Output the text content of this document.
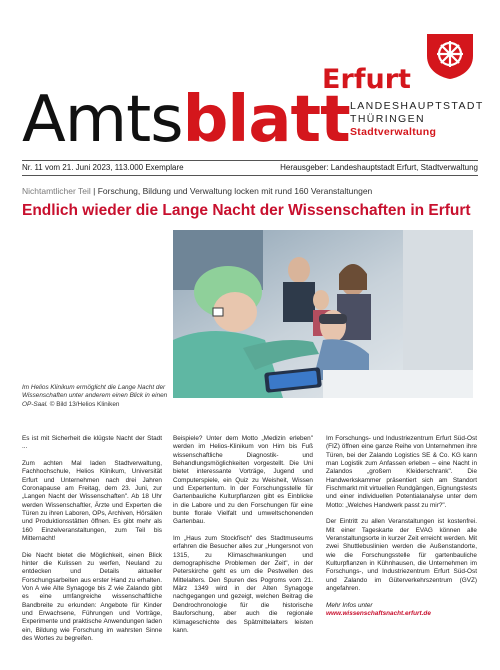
Amtsblatt
Erfurt
LANDESHAUPTSTADT
THÜRINGEN
Stadtverwaltung
Nr. 11 vom 21. Juni 2023, 113.000 Exemplare	Herausgeber: Landeshauptstadt Erfurt, Stadtverwaltung
Nichtamtlicher Teil | Forschung, Bildung und Verwaltung locken mit rund 160 Veranstaltungen
Endlich wieder die Lange Nacht der Wissenschaften in Erfurt
Im Helios Klinikum ermöglicht die Lange Nacht der Wissenschaften unter anderem einen Blick in einen OP-Saal. © Bild 13/Helios Kliniken

Es ist mit Sicherheit die klügste Nacht der Stadt ...

Zum achten Mal laden Stadtverwaltung, Fachhochschule, Helios Klinikum, Universität Erfurt und Unternehmen nach drei Jahren Coronapause am Freitag, dem 23. Juni, zur „Langen Nacht der Wissenschaften". Ab 18 Uhr werden Wissenschaftler, Ärzte und Experten die Türen zu ihren Laboren, OPs, Archiven, Hörsälen und Produktionsstätten öffnen. Es gibt mehr als 160 Einzelveranstaltungen, zum Teil bis Mitternacht!

Die Nacht bietet die Möglichkeit, einen Blick hinter die Kulissen zu werfen, Neuland zu entdecken und Details aktueller Forschungsarbeiten aus erster Hand zu erhalten. Von A wie Alte Synagoge bis Z wie Zalando gibt es eine umfangreiche wissenschaftliche Bandbreite zu erkunden: Angebote für Kinder und Erwachsene, Führungen und Vorträge, Experimente und praktische Anwendungen laden ein, Bildung wie Forschung im wahrsten Sinne des Wortes zu begreifen.

Beispiele? Unter dem Motto „Medizin erleben" werden im Helios-Klinikum von Hirn bis Fuß wissenschaftliche Diagnostik- und Behandlungsmöglichkeiten vorgestellt. Die Uni bietet interessante Vorträge, Jugend und Computerspiele, ein Quiz zu Weisheit, Wissen und Expertentum. In der Forschungsstelle für Gartenbauliche Kulturpflanzen gibt es Einblicke in die Labore und zu den Forschungen für eine bunte florale Vielfalt und umweltschonenden Gartenbau.

Im „Haus zum Stockfisch" des Stadtmuseums erfahren die Besucher alles zur „Hungersnot von 1315, zu Klimaschwankungen und demographische Problemen der Zeit", in der Peterskirche geht es um die Pestwellen des Mittelalters. Den Spuren des Pogroms vom 21. März 1349 wird in der Alten Synagoge nachgegangen und gezeigt, welchen Beitrag die Dendrochronologie für die historische Bauforschung, aber auch die regionale Klimageschichte des Spätmittelalters leisten kann.

Im Forschungs- und Industriezentrum Erfurt Süd-Ost (FIZ) öffnen eine ganze Reihe von Unternehmen ihre Türen, bei der Zalando Logistics SE & Co. KG kann man Logistik zum Anfassen erleben – eine Nacht in Zalandos „großem Kleiderschrank". Die Handwerkskammer präsentiert sich am Standort Fischmarkt mit virtuellen Rundgängen, Eignungstests und einer individuellen Potentialanalyse unter dem Motto: „Welches Handwerk passt zu mir?".

Der Eintritt zu allen Veranstaltungen ist kostenfrei. Mit einer Tageskarte der EVAG können alle Veranstaltungsorte in kurzer Zeit erreicht werden. Mit zwei Shuttlebuslinien werden die Außenstandorte, wie die Forschungsstelle für gartenbauliche Kulturpflanzen in Kühnhausen, die Unternehmen im Forschungs-, und Industriezentrum Erfurt Süd-Ost und Zalando im Güterverkehrszentrum (GVZ) angefahren.

Mehr Infos unter
www.wissenschaftsnacht.erfurt.de
